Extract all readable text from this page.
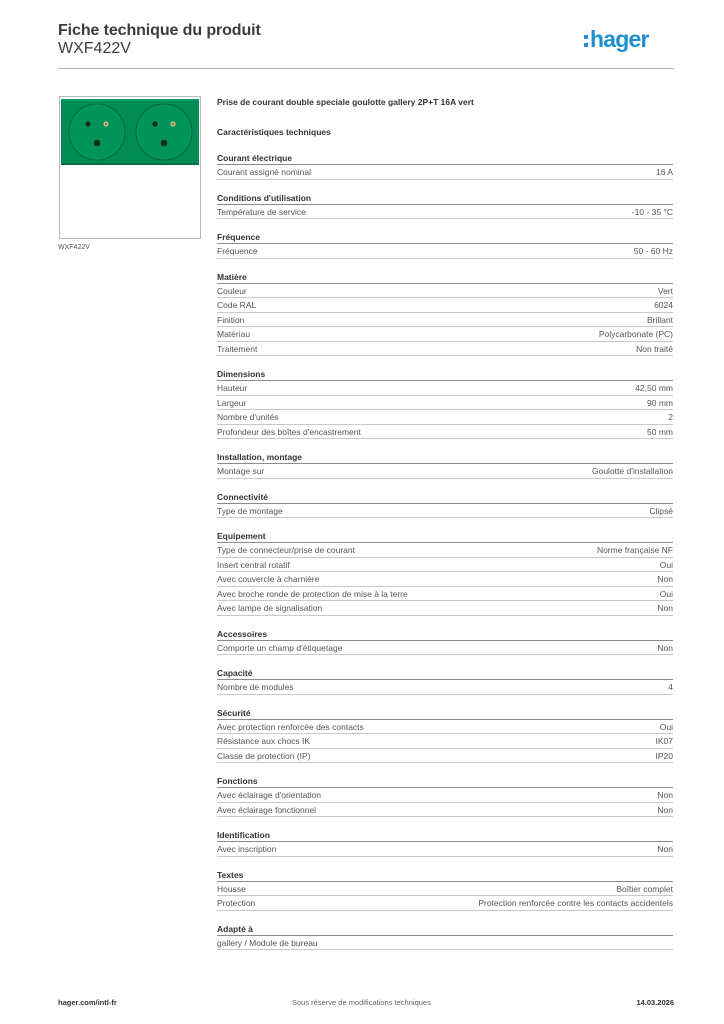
Fiche technique du produit
WXF422V	hager
WXF422V
Prise de courant double speciale goulotte gallery 2P+T 16A vert
Caractéristiques techniques
Courant électrique
Courant assigné nominal	16 A
Conditions d'utilisation
Température de service	-10 - 35 °C
Fréquence
Fréquence	50 - 60 Hz
Matière
Couleur	Vert
Code RAL	6024
Finition	Brillant
Matériau	Polycarbonate (PC)
Traitement	Non traité
Dimensions
Hauteur	42,50 mm
Largeur	90 mm
Nombre d'unités	2
Profondeur des boîtes d'encastrement	50 mm
Installation, montage
Montage sur	Goulotte d'installation
Connectivité
Type de montage	Clipsé
Equipement
Type de connecteur/prise de courant	Norme française NF
Insert central rotatif	Oui
Avec couvercle à charnière	Non
Avec broche ronde de protection de mise à la terre	Oui
Avec lampe de signalisation	Non
Accessoires
Comporte un champ d'étiquetage	Non
Capacité
Nombre de modules	4
Sécurité
Avec protection renforcée des contacts	Oui
Résistance aux chocs IK	IK07
Classe de protection (IP)	IP20
Fonctions
Avec éclairage d'orientation	Non
Avec éclairage fonctionnel	Non
Identification
Avec inscription	Non
Textes
Housse	Boîtier complet
Protection	Protection renforcée contre les contacts accidentels
Adapté à
gallery / Module de bureau
hager.com/intl-fr	Sous réserve de modifications techniques	14.03.2026
